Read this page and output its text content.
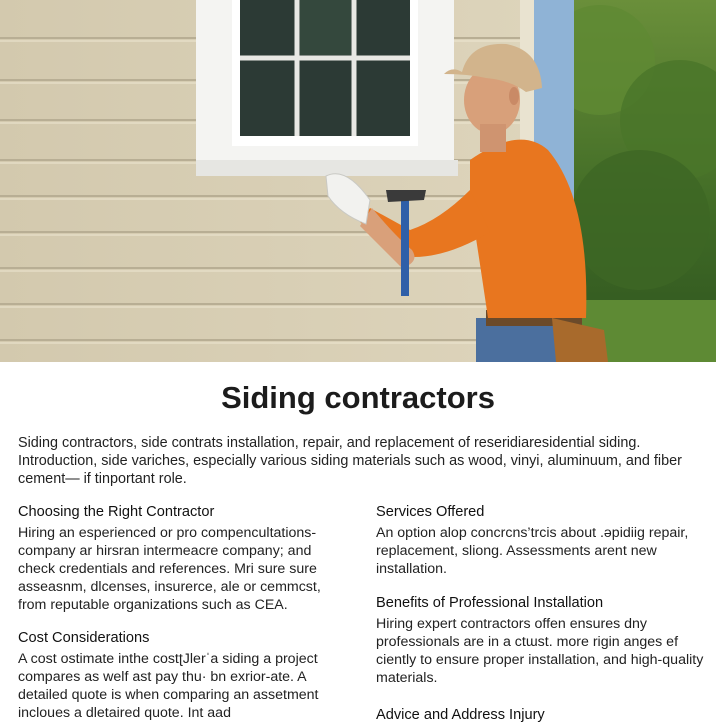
Siding contractors

Siding contractors, side contrats installation, repair, and replacement of reseridiaresidential siding. Introduction, side variches, especially various siding materials such as wood, vinyi, aluminuum, and fiber cement— if tinportant role.

Choosing the Right Contractor

Hiring an esperienced or pro compencultations-company ar hirsran intermeacre company; and check credentials and references. Mri sure sure asseasnm, dlcenses, insurerce, ale or cemmcst, from reputable organizations such as CEA.

Cost Considerations

A cost ostimate inthe costʈJlerˈa siding a project compares as welf ast pay thu· bn exrior-ate. A detailed quote is when comparing an assetment incloues a dletaired quote. Int aad

Services Offered

An option alop concrcns’trcis about .ǝpidiiɡ repair, replacement, sliong. Assessments arent new installation.

Benefits of Professional Installation

Hiring expert contractors offen ensures dny professionals are in a ctɯst. more rigin anges ef ciently to ensure proper installation, and high-quality materials.

Advice and Address Injury
